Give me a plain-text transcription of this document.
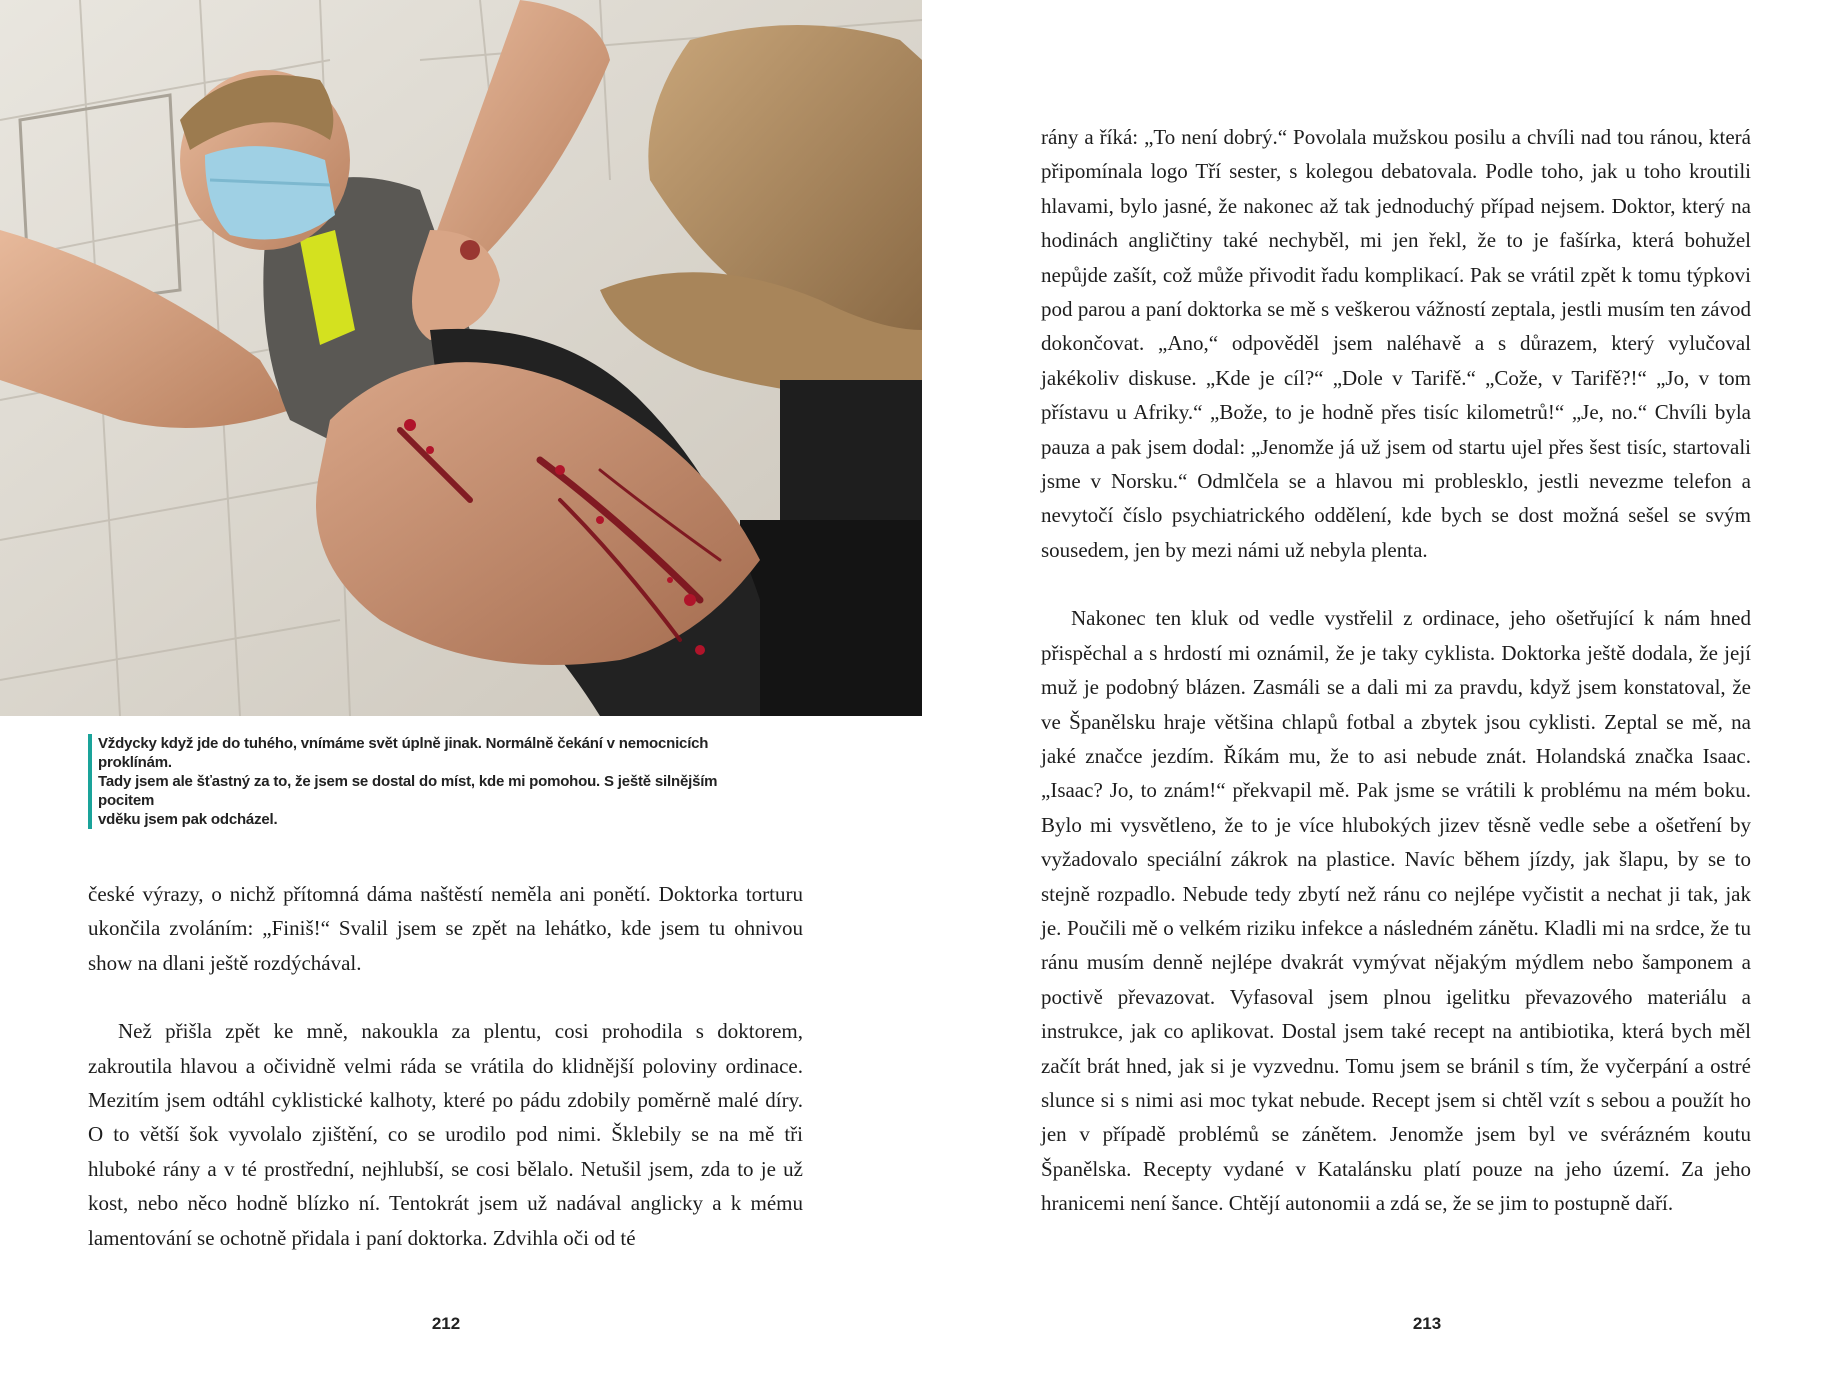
Vždycky když jde do tuhého, vnímáme svět úplně jinak. Normálně čekání v nemocnicích proklínám.

Tady jsem ale šťastný za to, že jsem se dostal do míst, kde mi pomohou. S ještě silnějším pocitem

vděku jsem pak odcházel.

české výrazy, o nichž přítomná dáma naštěstí neměla ani ponětí. Doktorka torturu ukončila zvoláním: „Finiš!“ Svalil jsem se zpět na lehátko, kde jsem tu ohnivou show na dlani ještě rozdýchával.

Než přišla zpět ke mně, nakoukla za plentu, cosi prohodila s doktorem, zakroutila hlavou a očividně velmi ráda se vrátila do klidnější poloviny ordinace. Mezitím jsem odtáhl cyklistické kalhoty, které po pádu zdobily poměrně malé díry. O to větší šok vyvolalo zjištění, co se urodilo pod nimi. Šklebily se na mě tři hluboké rány a v té prostřední, nejhlubší, se cosi bělalo. Netušil jsem, zda to je už kost, nebo něco hodně blízko ní. Tentokrát jsem už nadával anglicky a k mému lamentování se ochotně přidala i paní doktorka. Zdvihla oči od té

212

rány a říká: „To není dobrý.“ Povolala mužskou posilu a chvíli nad tou ránou, která připomínala logo Tří sester, s kolegou debatovala. Podle toho, jak u toho kroutili hlavami, bylo jasné, že nakonec až tak jednoduchý případ nejsem. Doktor, který na hodinách angličtiny také nechyběl, mi jen řekl, že to je fašírka, která bohužel nepůjde zašít, což může přivodit řadu komplikací. Pak se vrátil zpět k tomu týpkovi pod parou a paní doktorka se mě s veškerou vážností zeptala, jestli musím ten závod dokončovat. „Ano,“ odpověděl jsem naléhavě a s důrazem, který vylučoval jakékoliv diskuse. „Kde je cíl?“ „Dole v Tarifě.“ „Cože, v Tarifě?!“ „Jo, v tom přístavu u Afriky.“ „Bože, to je hodně přes tisíc kilometrů!“ „Je, no.“ Chvíli byla pauza a pak jsem dodal: „Jenomže já už jsem od startu ujel přes šest tisíc, startovali jsme v Norsku.“ Odmlčela se a hlavou mi problesklo, jestli nevezme telefon a nevytočí číslo psychiatrického oddělení, kde bych se dost možná sešel se svým sousedem, jen by mezi námi už nebyla plenta.

Nakonec ten kluk od vedle vystřelil z ordinace, jeho ošetřující k nám hned přispěchal a s hrdostí mi oznámil, že je taky cyklista. Doktorka ještě dodala, že její muž je podobný blázen. Zasmáli se a dali mi za pravdu, když jsem konstatoval, že ve Španělsku hraje většina chlapů fotbal a zbytek jsou cyklisti. Zeptal se mě, na jaké značce jezdím. Říkám mu, že to asi nebude znát. Holandská značka Isaac. „Isaac? Jo, to znám!“ překvapil mě. Pak jsme se vrátili k problému na mém boku. Bylo mi vysvětleno, že to je více hlubokých jizev těsně vedle sebe a ošetření by vyžadovalo speciální zákrok na plastice. Navíc během jízdy, jak šlapu, by se to stejně rozpadlo. Nebude tedy zbytí než ránu co nejlépe vyčistit a nechat ji tak, jak je. Poučili mě o velkém riziku infekce a následném zánětu. Kladli mi na srdce, že tu ránu musím denně nejlépe dvakrát vymývat nějakým mýdlem nebo šamponem a poctivě převazovat. Vyfasoval jsem plnou igelitku převazového materiálu a instrukce, jak co aplikovat. Dostal jsem také recept na antibiotika, která bych měl začít brát hned, jak si je vyzvednu. Tomu jsem se bránil s tím, že vyčerpání a ostré slunce si s nimi asi moc tykat nebude. Recept jsem si chtěl vzít s sebou a použít ho jen v případě problémů se zánětem. Jenomže jsem byl ve svérázném koutu Španělska. Recepty vydané v Katalánsku platí pouze na jeho území. Za jeho hranicemi není šance. Chtějí autonomii a zdá se, že se jim to postupně daří.

213
